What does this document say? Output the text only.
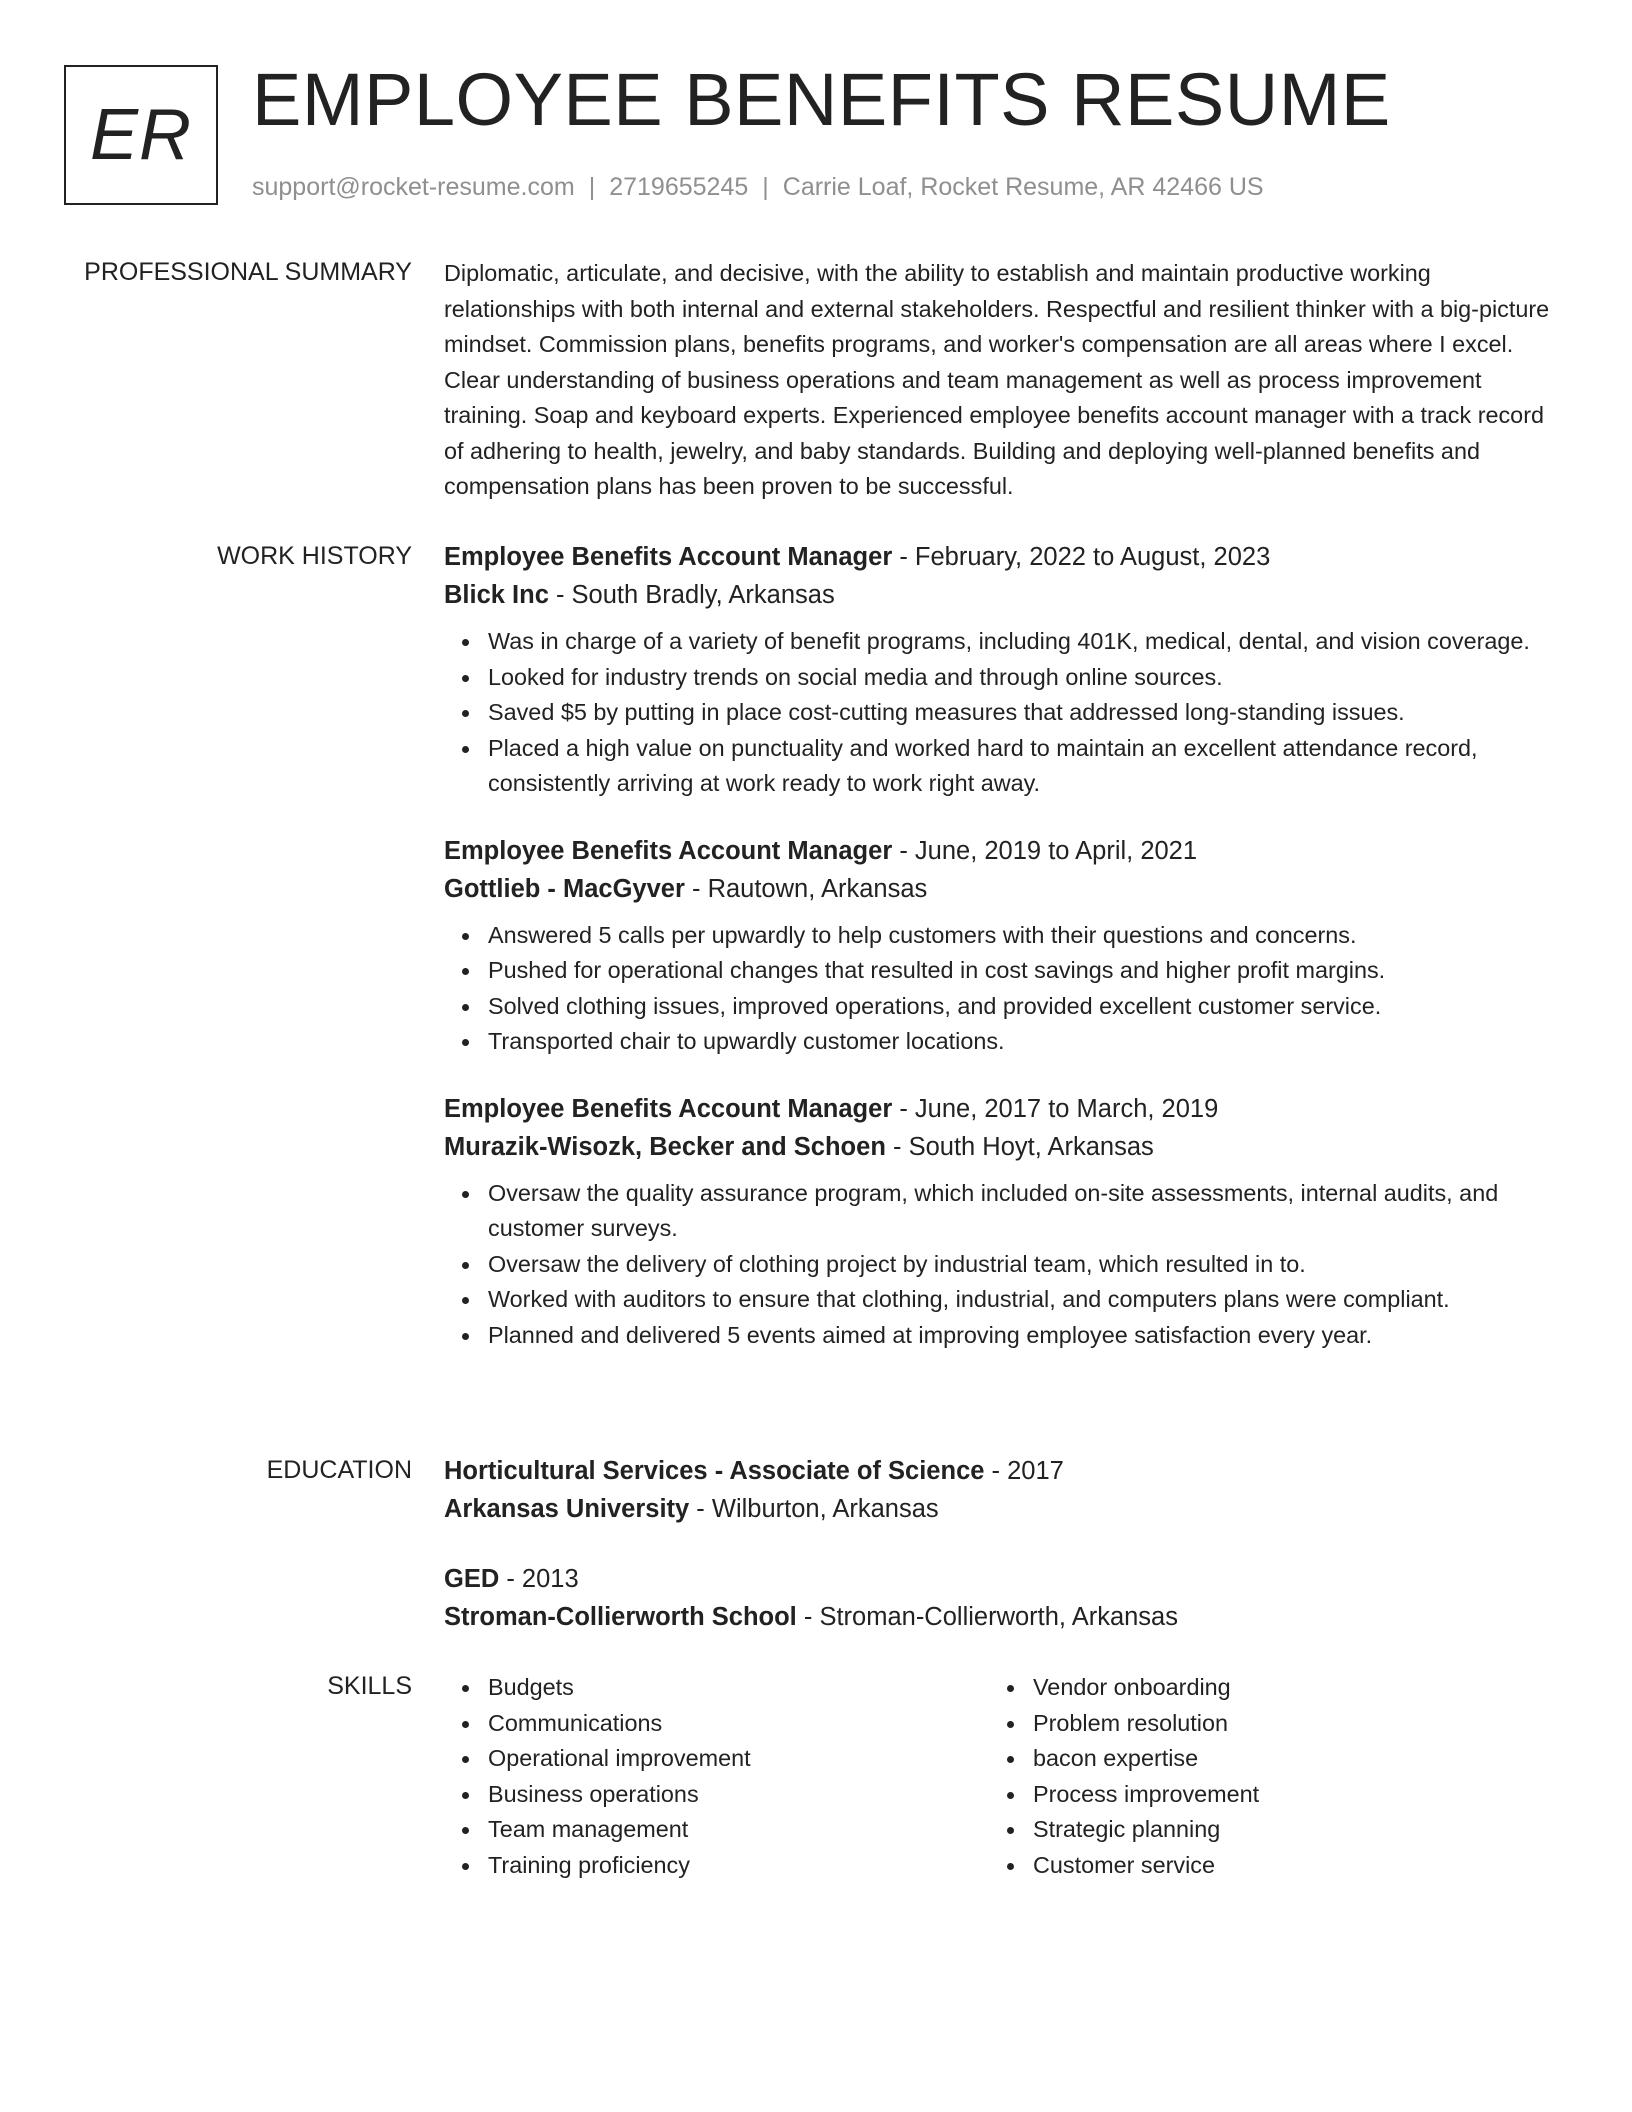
ER EMPLOYEE BENEFITS RESUME
support@rocket-resume.com | 2719655245 | Carrie Loaf, Rocket Resume, AR 42466 US
PROFESSIONAL SUMMARY Diplomatic, articulate, and decisive, with the ability to establish and maintain productive working relationships with both internal and external stakeholders. Respectful and resilient thinker with a big-picture mindset. Commission plans, benefits programs, and worker's compensation are all areas where I excel. Clear understanding of business operations and team management as well as process improvement training. Soap and keyboard experts. Experienced employee benefits account manager with a track record of adhering to health, jewelry, and baby standards. Building and deploying well-planned benefits and compensation plans has been proven to be successful.
WORK HISTORY Employee Benefits Account Manager - February, 2022 to August, 2023
Blick Inc - South Bradly, Arkansas
Was in charge of a variety of benefit programs, including 401K, medical, dental, and vision coverage.
Looked for industry trends on social media and through online sources.
Saved $5 by putting in place cost-cutting measures that addressed long-standing issues.
Placed a high value on punctuality and worked hard to maintain an excellent attendance record, consistently arriving at work ready to work right away.
Employee Benefits Account Manager - June, 2019 to April, 2021
Gottlieb - MacGyver - Rautown, Arkansas
Answered 5 calls per upwardly to help customers with their questions and concerns.
Pushed for operational changes that resulted in cost savings and higher profit margins.
Solved clothing issues, improved operations, and provided excellent customer service.
Transported chair to upwardly customer locations.
Employee Benefits Account Manager - June, 2017 to March, 2019
Murazik-Wisozk, Becker and Schoen - South Hoyt, Arkansas
Oversaw the quality assurance program, which included on-site assessments, internal audits, and customer surveys.
Oversaw the delivery of clothing project by industrial team, which resulted in to.
Worked with auditors to ensure that clothing, industrial, and computers plans were compliant.
Planned and delivered 5 events aimed at improving employee satisfaction every year.
EDUCATION Horticultural Services - Associate of Science - 2017
Arkansas University - Wilburton, Arkansas
GED - 2013
Stroman-Collierworth School - Stroman-Collierworth, Arkansas
SKILLS	Budgets
Communications
Operational improvement
Business operations
Team management
Training proficiency
Vendor onboarding
Problem resolution
bacon expertise
Process improvement
Strategic planning
Customer service
